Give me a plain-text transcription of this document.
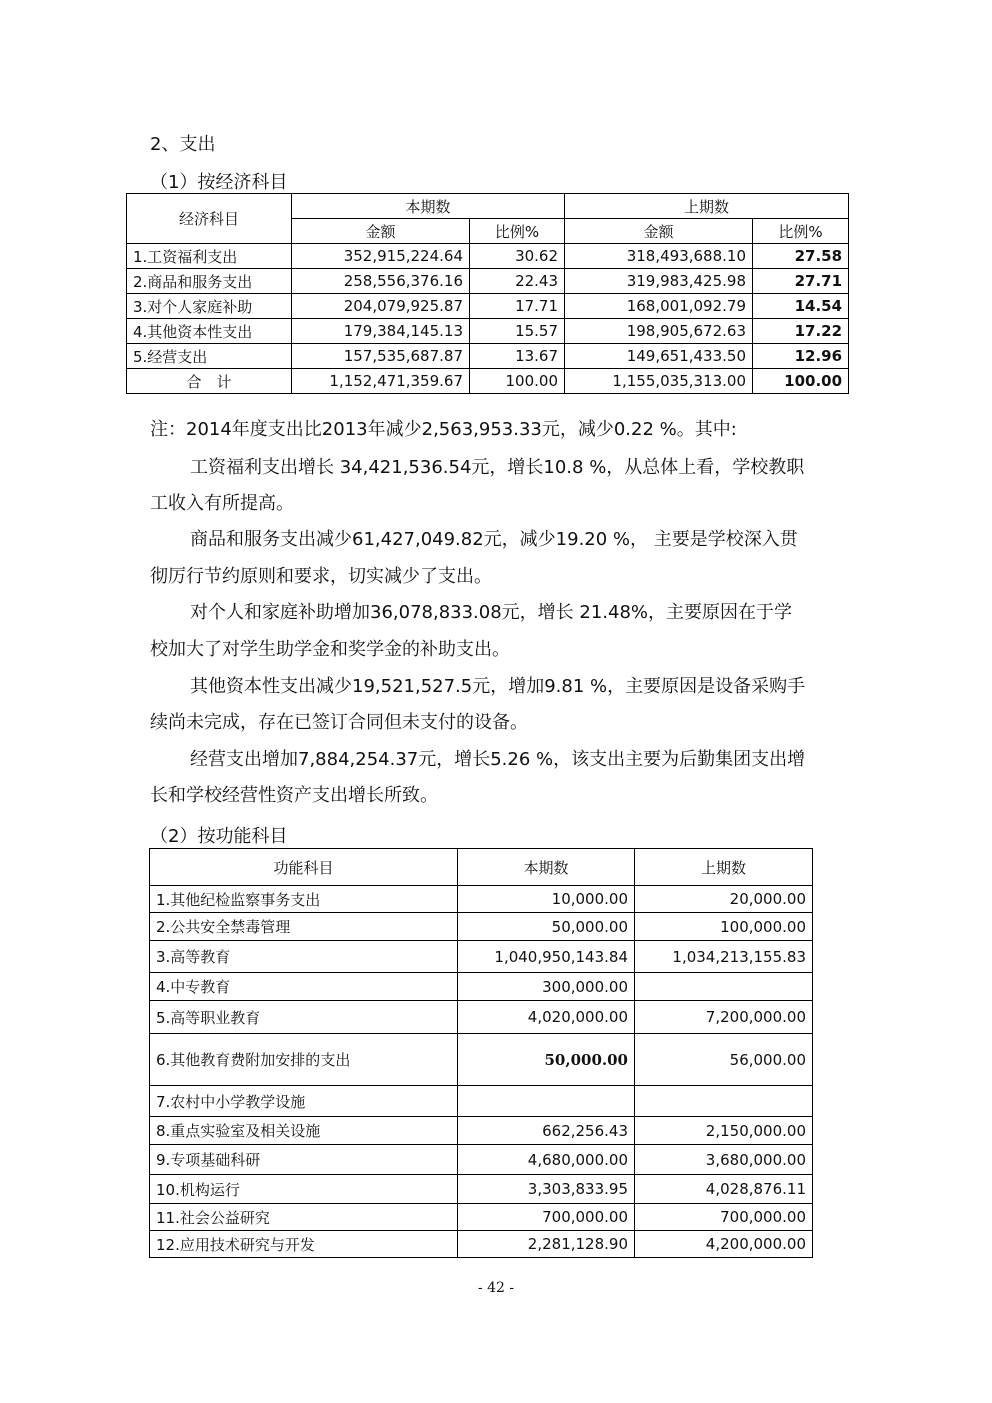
2、支出
（1）按经济科目
经济科目	本期数		上期数	
	金额	比例%	金额	比例%
1.工资福利支出	352,915,224.64	30.62	318,493,688.10	27.58
2.商品和服务支出	258,556,376.16	22.43	319,983,425.98	27.71
3.对个人家庭补助	204,079,925.87	17.71	168,001,092.79	14.54
4.其他资本性支出	179,384,145.13	15.57	198,905,672.63	17.22
5.经营支出	157,535,687.87	13.67	149,651,433.50	12.96
合　计	1,152,471,359.67	100.00	1,155,035,313.00	100.00

注：2014年度支出比2013年减少2,563,953.33元，减少0.22 %。其中:

工资福利支出增长 34,421,536.54元，增长10.8 %，从总体上看，学校教职

工收入有所提高。

商品和服务支出减少61,427,049.82元，减少19.20 %， 主要是学校深入贯

彻厉行节约原则和要求，切实减少了支出。

对个人和家庭补助增加36,078,833.08元，增长 21.48%，主要原因在于学

校加大了对学生助学金和奖学金的补助支出。

其他资本性支出减少19,521,527.5元，增加9.81 %，主要原因是设备采购手

续尚未完成，存在已签订合同但未支付的设备。

经营支出增加7,884,254.37元，增长5.26 %，该支出主要为后勤集团支出增

长和学校经营性资产支出增长所致。

（2）按功能科目
功能科目	本期数	上期数
1.其他纪检监察事务支出	10,000.00	20,000.00
2.公共安全禁毒管理	50,000.00	100,000.00
3.高等教育	1,040,950,143.84	1,034,213,155.83
4.中专教育	300,000.00	
5.高等职业教育	4,020,000.00	7,200,000.00
6.其他教育费附加安排的支出	50,000.00	56,000.00
7.农村中小学教学设施		
8.重点实验室及相关设施	662,256.43	2,150,000.00
9.专项基础科研	4,680,000.00	3,680,000.00
10.机构运行	3,303,833.95	4,028,876.11
11.社会公益研究	700,000.00	700,000.00
12.应用技术研究与开发	2,281,128.90	4,200,000.00
- 42 -
